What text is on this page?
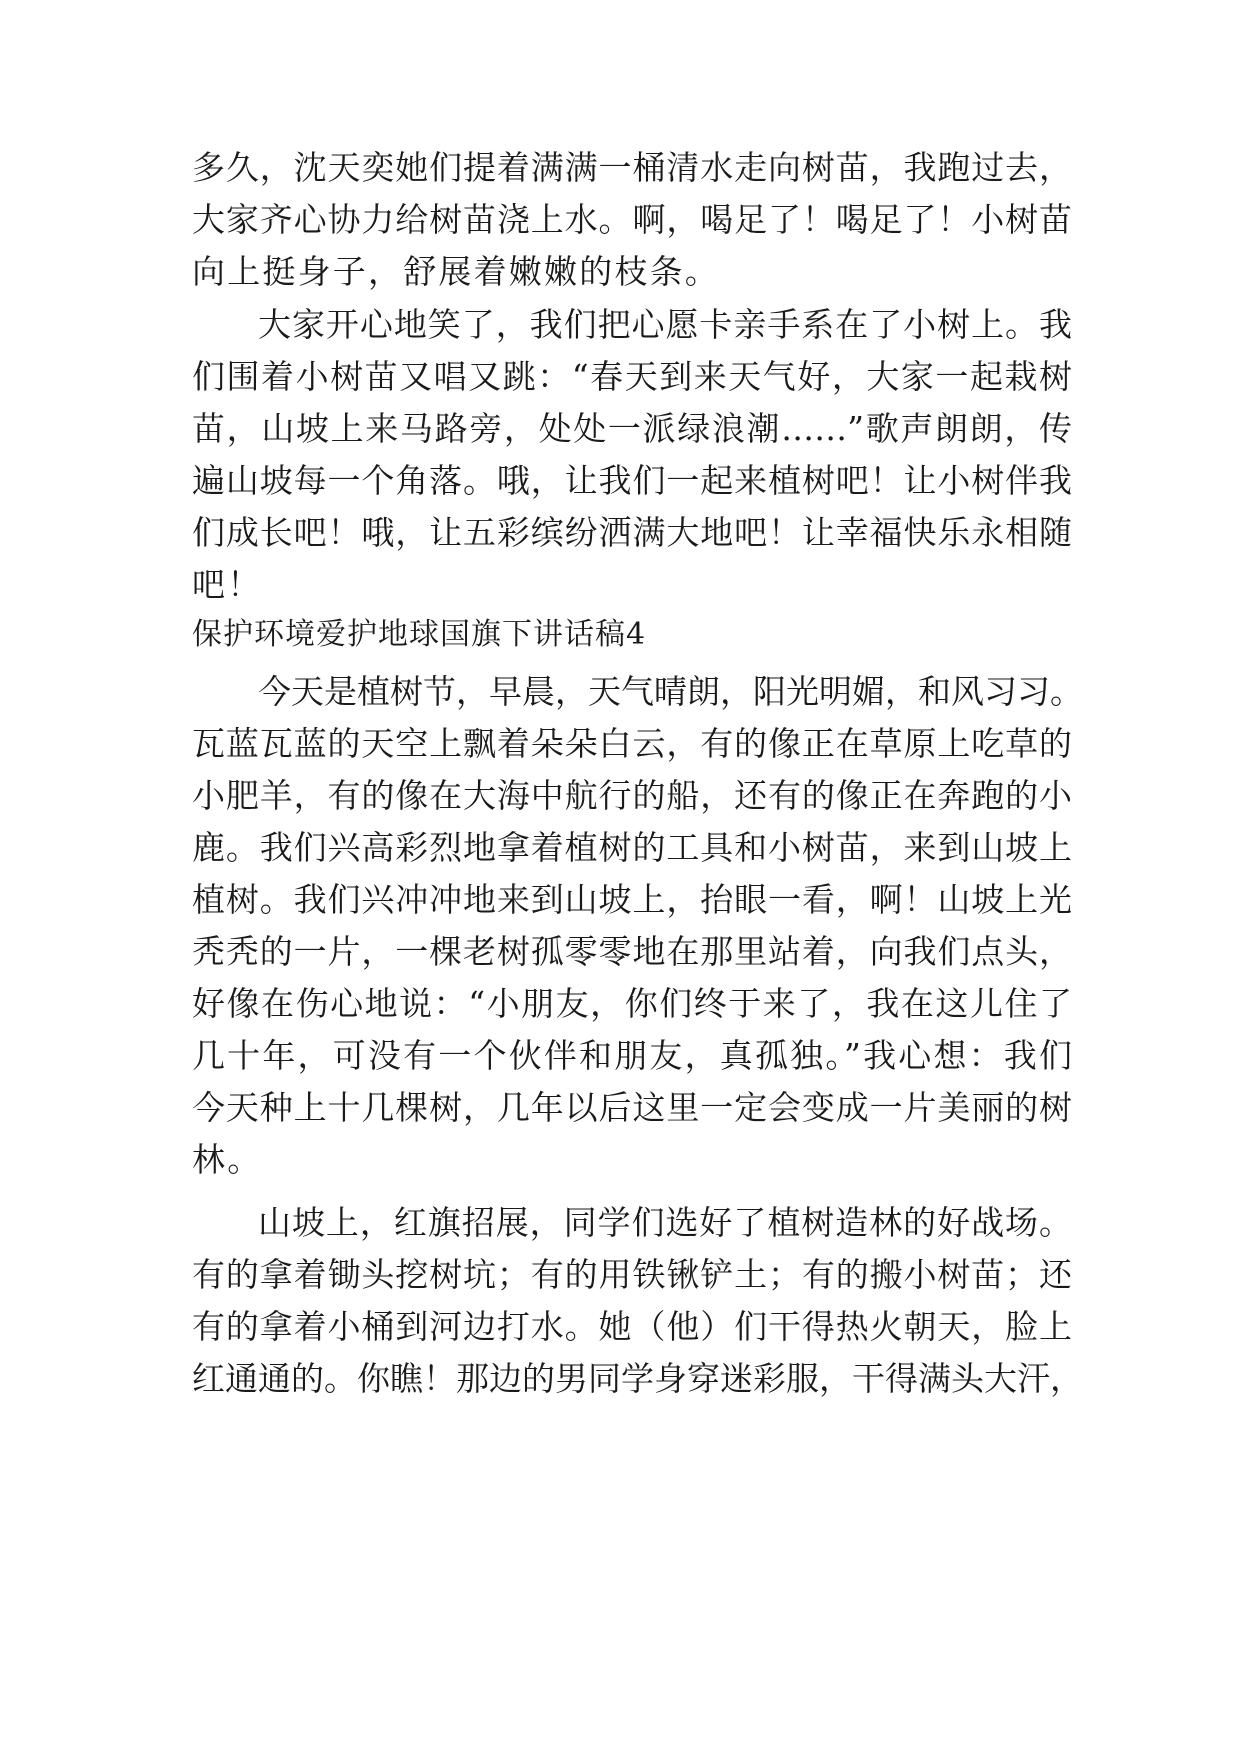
多久，沈天奕她们提着满满一桶清水走向树苗，我跑过去，
大家齐心协力给树苗浇上水。啊，喝足了！喝足了！小树苗
向上挺身子，舒展着嫩嫩的枝条。
大家开心地笑了，我们把心愿卡亲手系在了小树上。我
们围着小树苗又唱又跳：“春天到来天气好，大家一起栽树
苗，山坡上来马路旁，处处一派绿浪潮……”歌声朗朗，传
遍山坡每一个角落。哦，让我们一起来植树吧！让小树伴我
们成长吧！哦，让五彩缤纷洒满大地吧！让幸福快乐永相随
吧！
保护环境爱护地球国旗下讲话稿4
今天是植树节，早晨，天气晴朗，阳光明媚，和风习习。
瓦蓝瓦蓝的天空上飘着朵朵白云，有的像正在草原上吃草的
小肥羊，有的像在大海中航行的船，还有的像正在奔跑的小
鹿。我们兴高彩烈地拿着植树的工具和小树苗，来到山坡上
植树。我们兴冲冲地来到山坡上，抬眼一看，啊！山坡上光
秃秃的一片，一棵老树孤零零地在那里站着，向我们点头，
好像在伤心地说：“小朋友，你们终于来了，我在这儿住了
几十年，可没有一个伙伴和朋友，真孤独。”我心想：我们
今天种上十几棵树，几年以后这里一定会变成一片美丽的树
林。
山坡上，红旗招展，同学们选好了植树造林的好战场。
有的拿着锄头挖树坑；有的用铁锹铲土；有的搬小树苗；还
有的拿着小桶到河边打水。她（他）们干得热火朝天，脸上
红通通的。你瞧！那边的男同学身穿迷彩服，干得满头大汗，
